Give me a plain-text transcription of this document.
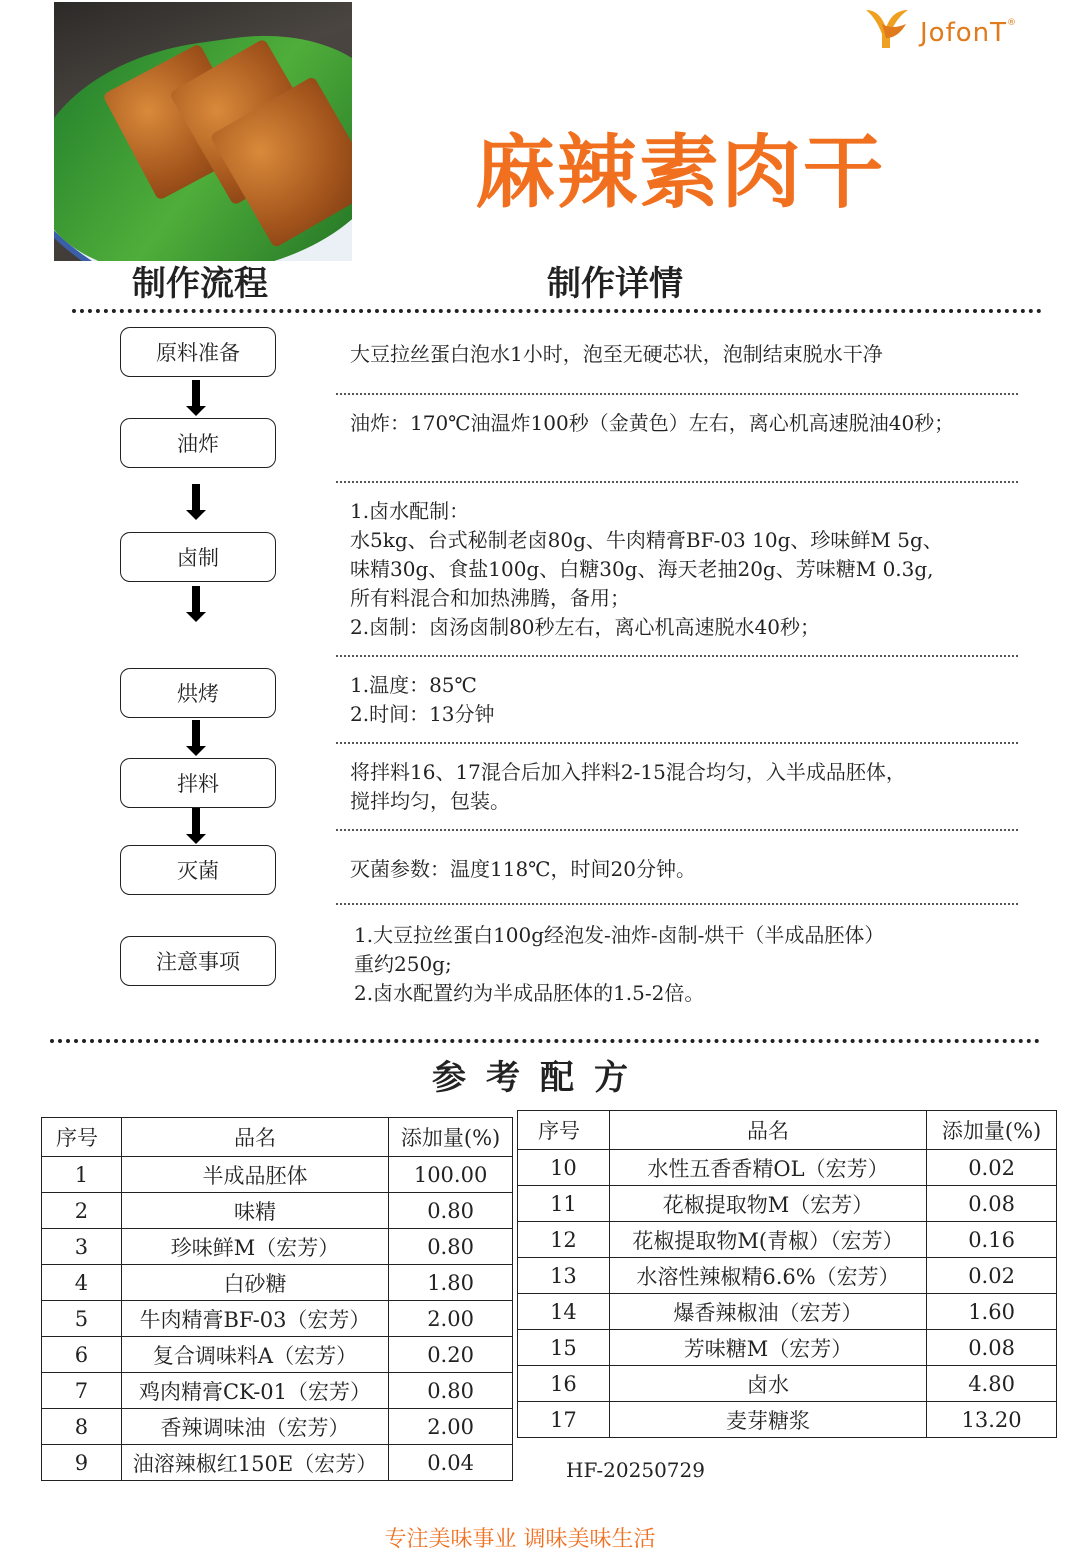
JofonT®
麻辣素肉干
制作流程	制作详情
原料准备
油炸
卤制
烘烤
拌料
灭菌
注意事项
大豆拉丝蛋白泡水1小时，泡至无硬芯状，泡制结束脱水干净
油炸：170℃油温炸100秒（金黄色）左右，离心机高速脱油40秒；
1.卤水配制：
水5kg、台式秘制老卤80g、牛肉精膏BF-03 10g、珍味鲜M 5g、
味精30g、食盐100g、白糖30g、海天老抽20g、芳味糖M 0.3g,
所有料混合和加热沸腾，备用；
2.卤制：卤汤卤制80秒左右，离心机高速脱水40秒；
1.温度：85℃
2.时间：13分钟
将拌料16、17混合后加入拌料2-15混合均匀，入半成品胚体，
搅拌均匀，包装。
灭菌参数：温度118℃，时间20分钟。
1.大豆拉丝蛋白100g经泡发-油炸-卤制-烘干（半成品胚体）
重约250g;
2.卤水配置约为半成品胚体的1.5-2倍。
参考配方
序号	品名	添加量(%)
1	半成品胚体	100.00
2	味精	0.80
3	珍味鲜M（宏芳）	0.80
4	白砂糖	1.80
5	牛肉精膏BF-03（宏芳）	2.00
6	复合调味料A（宏芳）	0.20
7	鸡肉精膏CK-01（宏芳）	0.80
8	香辣调味油（宏芳）	2.00
9	油溶辣椒红150E（宏芳）	0.04
序号	品名	添加量(%)
10	水性五香香精OL（宏芳）	0.02
11	花椒提取物M（宏芳）	0.08
12	花椒提取物M(青椒）（宏芳）	0.16
13	水溶性辣椒精6.6%（宏芳）	0.02
14	爆香辣椒油（宏芳）	1.60
15	芳味糖M（宏芳）	0.08
16	卤水	4.80
17	麦芽糖浆	13.20
HF-20250729
专注美味事业 调味美味生活
